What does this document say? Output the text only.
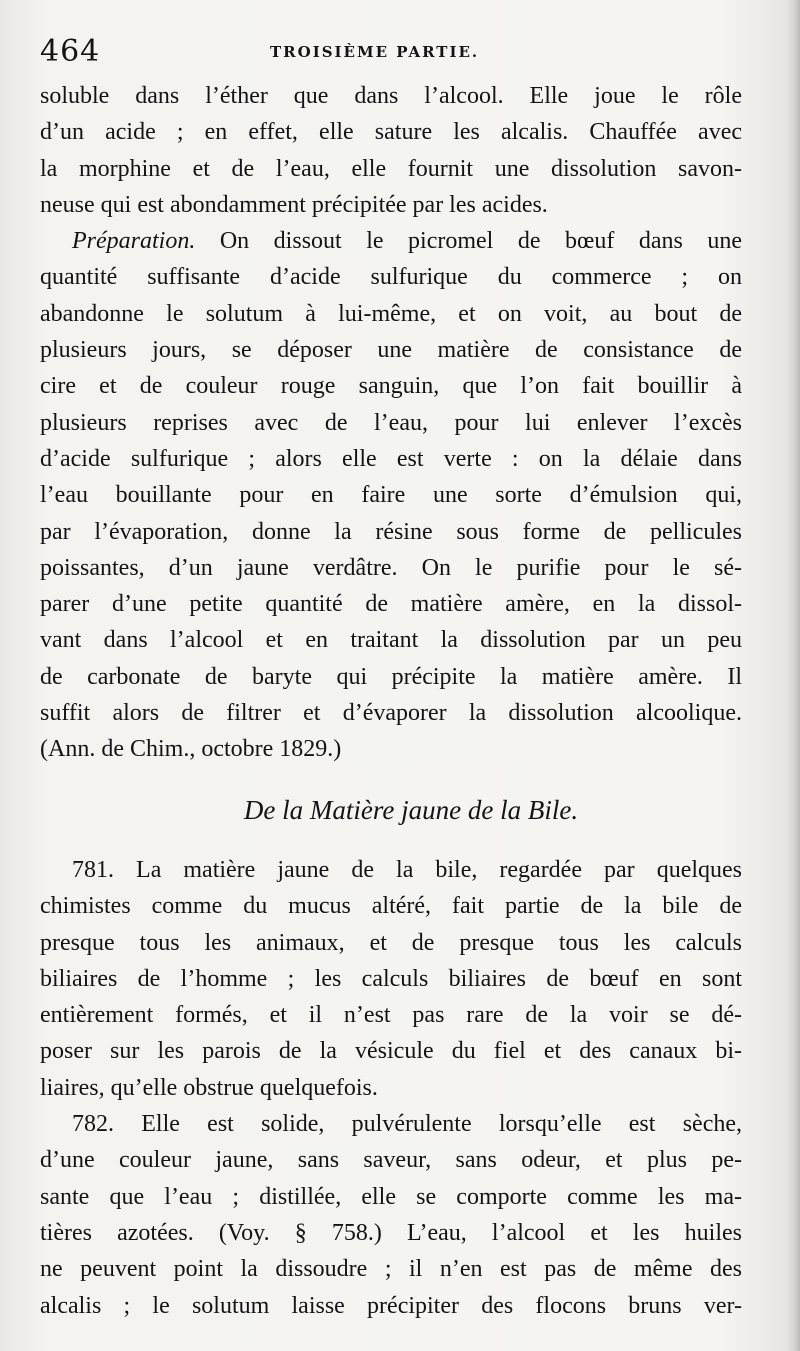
464	TROISIÈME PARTIE.
soluble dans l’éther que dans l’alcool. Elle joue le rôle
d’un acide ; en effet, elle sature les alcalis. Chauffée avec
la morphine et de l’eau, elle fournit une dissolution savon-
neuse qui est abondamment précipitée par les acides.
Préparation. On dissout le picromel de bœuf dans une
quantité suffisante d’acide sulfurique du commerce ; on
abandonne le solutum à lui-même, et on voit, au bout de
plusieurs jours, se déposer une matière de consistance de
cire et de couleur rouge sanguin, que l’on fait bouillir à
plusieurs reprises avec de l’eau, pour lui enlever l’excès
d’acide sulfurique ; alors elle est verte : on la délaie dans
l’eau bouillante pour en faire une sorte d’émulsion qui,
par l’évaporation, donne la résine sous forme de pellicules
poissantes, d’un jaune verdâtre. On le purifie pour le sé-
parer d’une petite quantité de matière amère, en la dissol-
vant dans l’alcool et en traitant la dissolution par un peu
de carbonate de baryte qui précipite la matière amère. Il
suffit alors de filtrer et d’évaporer la dissolution alcoolique.
(Ann. de Chim., octobre 1829.)
De la Matière jaune de la Bile.
781. La matière jaune de la bile, regardée par quelques
chimistes comme du mucus altéré, fait partie de la bile de
presque tous les animaux, et de presque tous les calculs
biliaires de l’homme ; les calculs biliaires de bœuf en sont
entièrement formés, et il n’est pas rare de la voir se dé-
poser sur les parois de la vésicule du fiel et des canaux bi-
liaires, qu’elle obstrue quelquefois.
782. Elle est solide, pulvérulente lorsqu’elle est sèche,
d’une couleur jaune, sans saveur, sans odeur, et plus pe-
sante que l’eau ; distillée, elle se comporte comme les ma-
tières azotées. (Voy. § 758.) L’eau, l’alcool et les huiles
ne peuvent point la dissoudre ; il n’en est pas de même des
alcalis ; le solutum laisse précipiter des flocons bruns ver-
